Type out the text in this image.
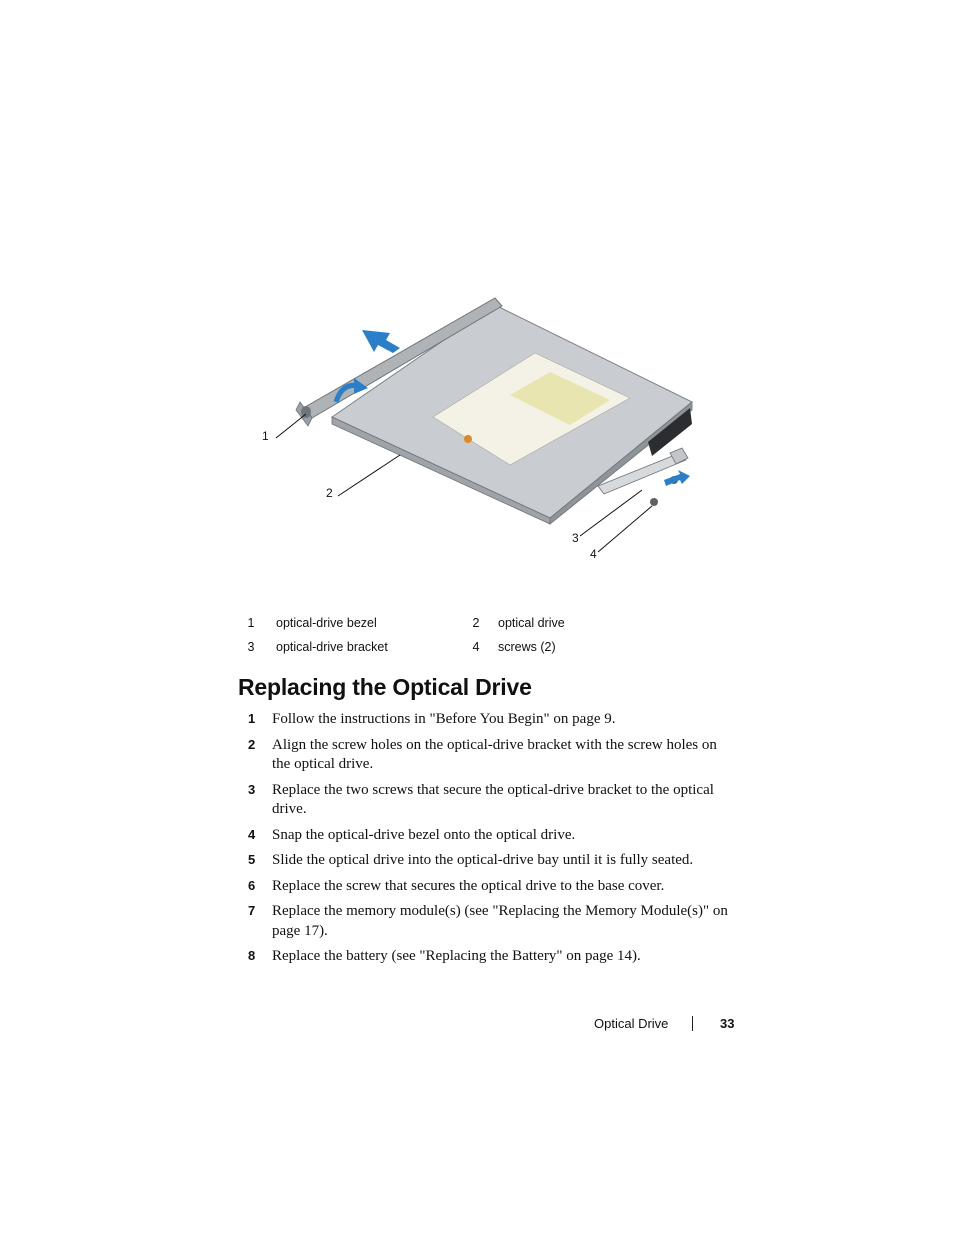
1
2
3
4
1 optical-drive bezel	2 optical drive
3 optical-drive bracket	4 screws (2)
Replacing the Optical Drive
1 Follow the instructions in "Before You Begin" on page 9.
2 Align the screw holes on the optical-drive bracket with the screw holes on the optical drive.
3 Replace the two screws that secure the optical-drive bracket to the optical drive.
4 Snap the optical-drive bezel onto the optical drive.
5 Slide the optical drive into the optical-drive bay until it is fully seated.
6 Replace the screw that secures the optical drive to the base cover.
7 Replace the memory module(s) (see "Replacing the Memory Module(s)" on page 17).
8 Replace the battery (see "Replacing the Battery" on page 14).
Optical Drive	33
